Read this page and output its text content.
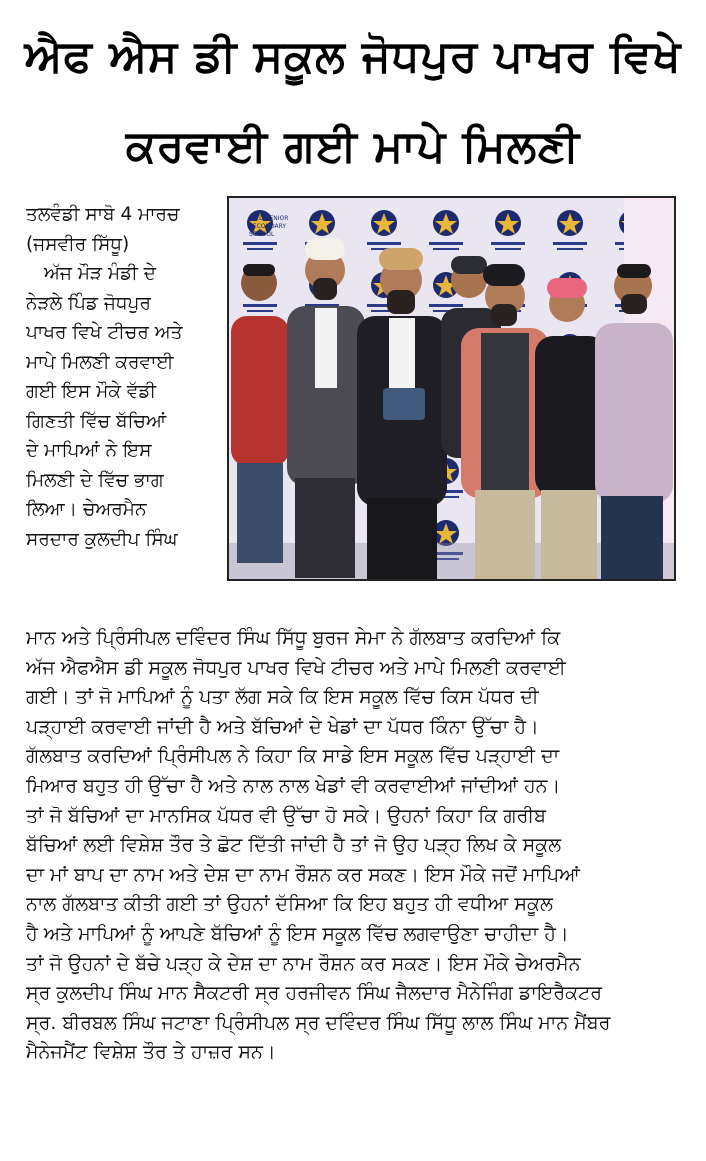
ਐਫ ਐਸ ਡੀ ਸਕੂਲ ਜੋਧਪੁਰ ਪਾਖਰ ਵਿਖੇ
ਕਰਵਾਈ ਗਈ ਮਾਪੇ ਮਿਲਣੀ
ਤਲਵੰਡੀ ਸਾਬੋ 4 ਮਾਰਚ
(ਜਸਵੀਰ ਸਿੱਧੂ)
ਅੱਜ ਮੌੜ ਮੰਡੀ ਦੇ
ਨੇੜਲੇ ਪਿੰਡ ਜੋਧਪੁਰ
ਪਾਖਰ ਵਿਖੇ ਟੀਚਰ ਅਤੇ
ਮਾਪੇ ਮਿਲਣੀ ਕਰਵਾਈ
ਗਈ ਇਸ ਮੌਕੇ ਵੱਡੀ
ਗਿਣਤੀ ਵਿੱਚ ਬੱਚਿਆਂ
ਦੇ ਮਾਪਿਆਂ ਨੇ ਇਸ
ਮਿਲਣੀ ਦੇ ਵਿੱਚ ਭਾਗ
ਲਿਆ। ਚੇਅਰਮੈਨ
ਸਰਦਾਰ ਕੁਲਦੀਪ ਸਿੰਘ
F.S.D SENIOR
SECONDARY
SCHOOL
ਮਾਨ ਅਤੇ ਪ੍ਰਿੰਸੀਪਲ ਦਵਿੰਦਰ ਸਿੰਘ ਸਿੱਧੂ ਬੁਰਜ ਸੇਮਾ ਨੇ ਗੱਲਬਾਤ ਕਰਦਿਆਂ ਕਿ
ਅੱਜ ਐਫਐਸ ਡੀ ਸਕੂਲ ਜੋਧਪੁਰ ਪਾਖਰ ਵਿਖੇ ਟੀਚਰ ਅਤੇ ਮਾਪੇ ਮਿਲਣੀ ਕਰਵਾਈ
ਗਈ। ਤਾਂ ਜੋ ਮਾਪਿਆਂ ਨੂੰ ਪਤਾ ਲੱਗ ਸਕੇ ਕਿ ਇਸ ਸਕੂਲ ਵਿੱਚ ਕਿਸ ਪੱਧਰ ਦੀ
ਪੜ੍ਹਾਈ ਕਰਵਾਈ ਜਾਂਦੀ ਹੈ ਅਤੇ ਬੱਚਿਆਂ ਦੇ ਖੇਡਾਂ ਦਾ ਪੱਧਰ ਕਿੰਨਾ ਉੱਚਾ ਹੈ।
ਗੱਲਬਾਤ ਕਰਦਿਆਂ ਪ੍ਰਿੰਸੀਪਲ ਨੇ ਕਿਹਾ ਕਿ ਸਾਡੇ ਇਸ ਸਕੂਲ ਵਿੱਚ ਪੜ੍ਹਾਈ ਦਾ
ਮਿਆਰ ਬਹੁਤ ਹੀ ਉੱਚਾ ਹੈ ਅਤੇ ਨਾਲ ਨਾਲ ਖੇਡਾਂ ਵੀ ਕਰਵਾਈਆਂ ਜਾਂਦੀਆਂ ਹਨ।
ਤਾਂ ਜੋ ਬੱਚਿਆਂ ਦਾ ਮਾਨਸਿਕ ਪੱਧਰ ਵੀ ਉੱਚਾ ਹੋ ਸਕੇ। ਉਹਨਾਂ ਕਿਹਾ ਕਿ ਗਰੀਬ
ਬੱਚਿਆਂ ਲਈ ਵਿਸ਼ੇਸ਼ ਤੌਰ ਤੇ ਛੋਟ ਦਿੱਤੀ ਜਾਂਦੀ ਹੈ ਤਾਂ ਜੋ ਉਹ ਪੜ੍ਹ ਲਿਖ ਕੇ ਸਕੂਲ
ਦਾ ਮਾਂ ਬਾਪ ਦਾ ਨਾਮ ਅਤੇ ਦੇਸ਼ ਦਾ ਨਾਮ ਰੌਸ਼ਨ ਕਰ ਸਕਣ। ਇਸ ਮੌਕੇ ਜਦੋਂ ਮਾਪਿਆਂ
ਨਾਲ ਗੱਲਬਾਤ ਕੀਤੀ ਗਈ ਤਾਂ ਉਹਨਾਂ ਦੱਸਿਆ ਕਿ ਇਹ ਬਹੁਤ ਹੀ ਵਧੀਆ ਸਕੂਲ
ਹੈ ਅਤੇ ਮਾਪਿਆਂ ਨੂੰ ਆਪਣੇ ਬੱਚਿਆਂ ਨੂੰ ਇਸ ਸਕੂਲ ਵਿੱਚ ਲਗਵਾਉਣਾ ਚਾਹੀਦਾ ਹੈ।
ਤਾਂ ਜੋ ਉਹਨਾਂ ਦੇ ਬੱਚੇ ਪੜ੍ਹ ਕੇ ਦੇਸ਼ ਦਾ ਨਾਮ ਰੌਸ਼ਨ ਕਰ ਸਕਣ। ਇਸ ਮੌਕੇ ਚੇਅਰਮੈਨ
ਸ੍ਰ ਕੁਲਦੀਪ ਸਿੰਘ ਮਾਨ ਸੈਕਟਰੀ ਸ੍ਰ ਹਰਜੀਵਨ ਸਿੰਘ ਜੈਲਦਾਰ ਮੈਨੇਜਿੰਗ ਡਾਇਰੈਕਟਰ
ਸ੍ਰ. ਬੀਰਬਲ ਸਿੰਘ ਜਟਾਣਾ ਪ੍ਰਿੰਸੀਪਲ ਸ੍ਰ ਦਵਿੰਦਰ ਸਿੰਘ ਸਿੱਧੂ ਲਾਲ ਸਿੰਘ ਮਾਨ ਮੈਂਬਰ
ਮੈਨੇਜਮੈਂਟ ਵਿਸ਼ੇਸ਼ ਤੌਰ ਤੇ ਹਾਜ਼ਰ ਸਨ।
